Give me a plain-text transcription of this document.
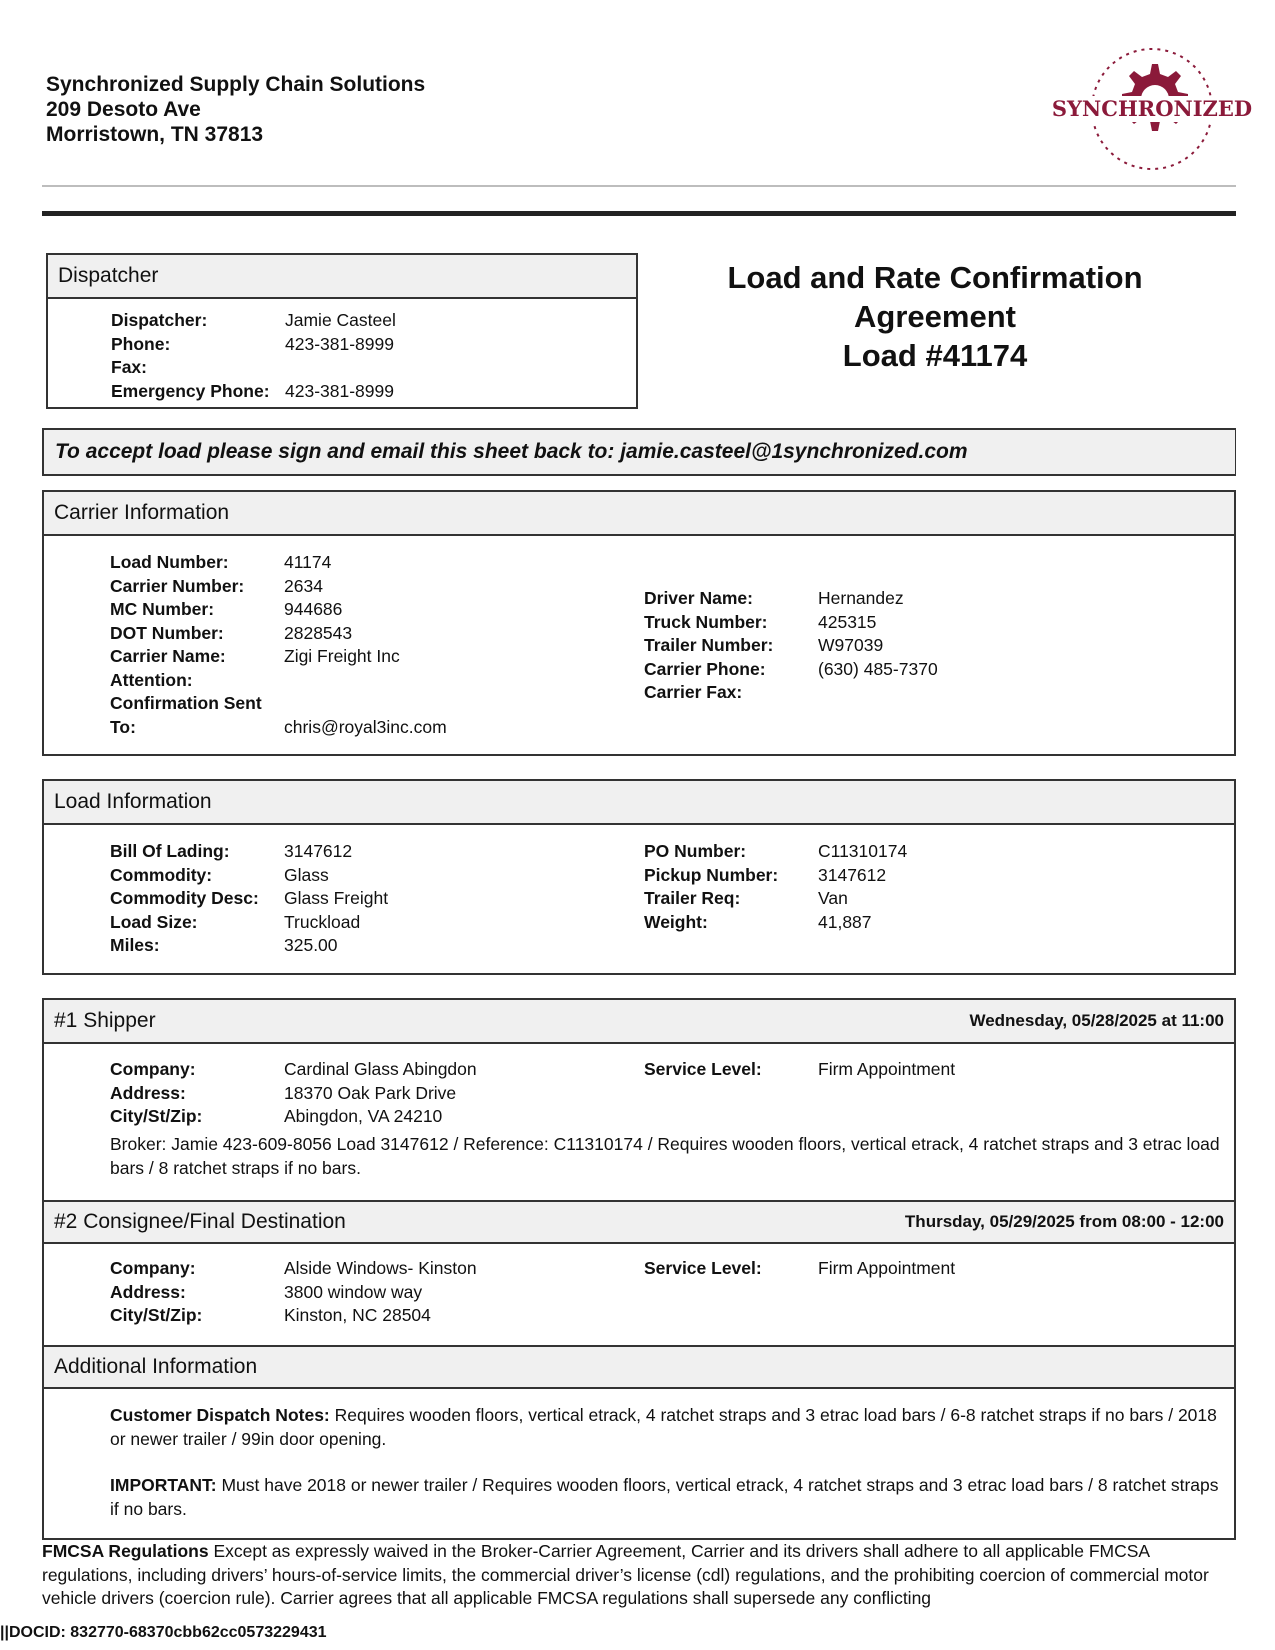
Synchronized Supply Chain Solutions
209 Desoto Ave
Morristown, TN 37813
SYNCHRONIZED
Dispatcher
Dispatcher:	Jamie Casteel
Phone:	423-381-8999
Fax:
Emergency Phone: 423-381-8999
Load and Rate Confirmation
Agreement
Load #41174
To accept load please sign and email this sheet back to: jamie.casteel@1synchronized.com
Carrier Information
Load Number:	41174
Carrier Number:	2634
MC Number:	944686
DOT Number:	2828543
Carrier Name:	Zigi Freight Inc
Attention:
Confirmation Sent
To:	chris@royal3inc.com
Driver Name:	Hernandez
Truck Number:	425315
Trailer Number:	W97039
Carrier Phone:	(630) 485-7370
Carrier Fax:
Load Information
Bill Of Lading:	3147612
Commodity:	Glass
Commodity Desc:	Glass Freight
Load Size:	Truckload
Miles:	325.00
PO Number:	C11310174
Pickup Number:	3147612
Trailer Req:	Van
Weight:	41,887
#1 Shipper	Wednesday, 05/28/2025 at 11:00
Company:	Cardinal Glass Abingdon
Address:	18370 Oak Park Drive
City/St/Zip:	Abingdon, VA 24210
Service Level:	Firm Appointment
Broker: Jamie 423-609-8056 Load 3147612 / Reference: C11310174 / Requires wooden floors, vertical etrack, 4 ratchet straps and 3 etrac load bars / 8 ratchet straps if no bars.
#2 Consignee/Final Destination	Thursday, 05/29/2025 from 08:00 - 12:00
Company:	Alside Windows- Kinston
Address:	3800 window way
City/St/Zip:	Kinston, NC 28504
Service Level:	Firm Appointment
Additional Information
Customer Dispatch Notes: Requires wooden floors, vertical etrack, 4 ratchet straps and 3 etrac load bars / 6-8 ratchet straps if no bars / 2018 or newer trailer / 99in door opening.
IMPORTANT: Must have 2018 or newer trailer / Requires wooden floors, vertical etrack, 4 ratchet straps and 3 etrac load bars / 8 ratchet straps if no bars.
FMCSA Regulations Except as expressly waived in the Broker-Carrier Agreement, Carrier and its drivers shall adhere to all applicable FMCSA regulations, including drivers’ hours-of-service limits, the commercial driver’s license (cdl) regulations, and the prohibiting coercion of commercial motor vehicle drivers (coercion rule). Carrier agrees that all applicable FMCSA regulations shall supersede any conflicting
||DOCID: 832770-68370cbb62cc0573229431
